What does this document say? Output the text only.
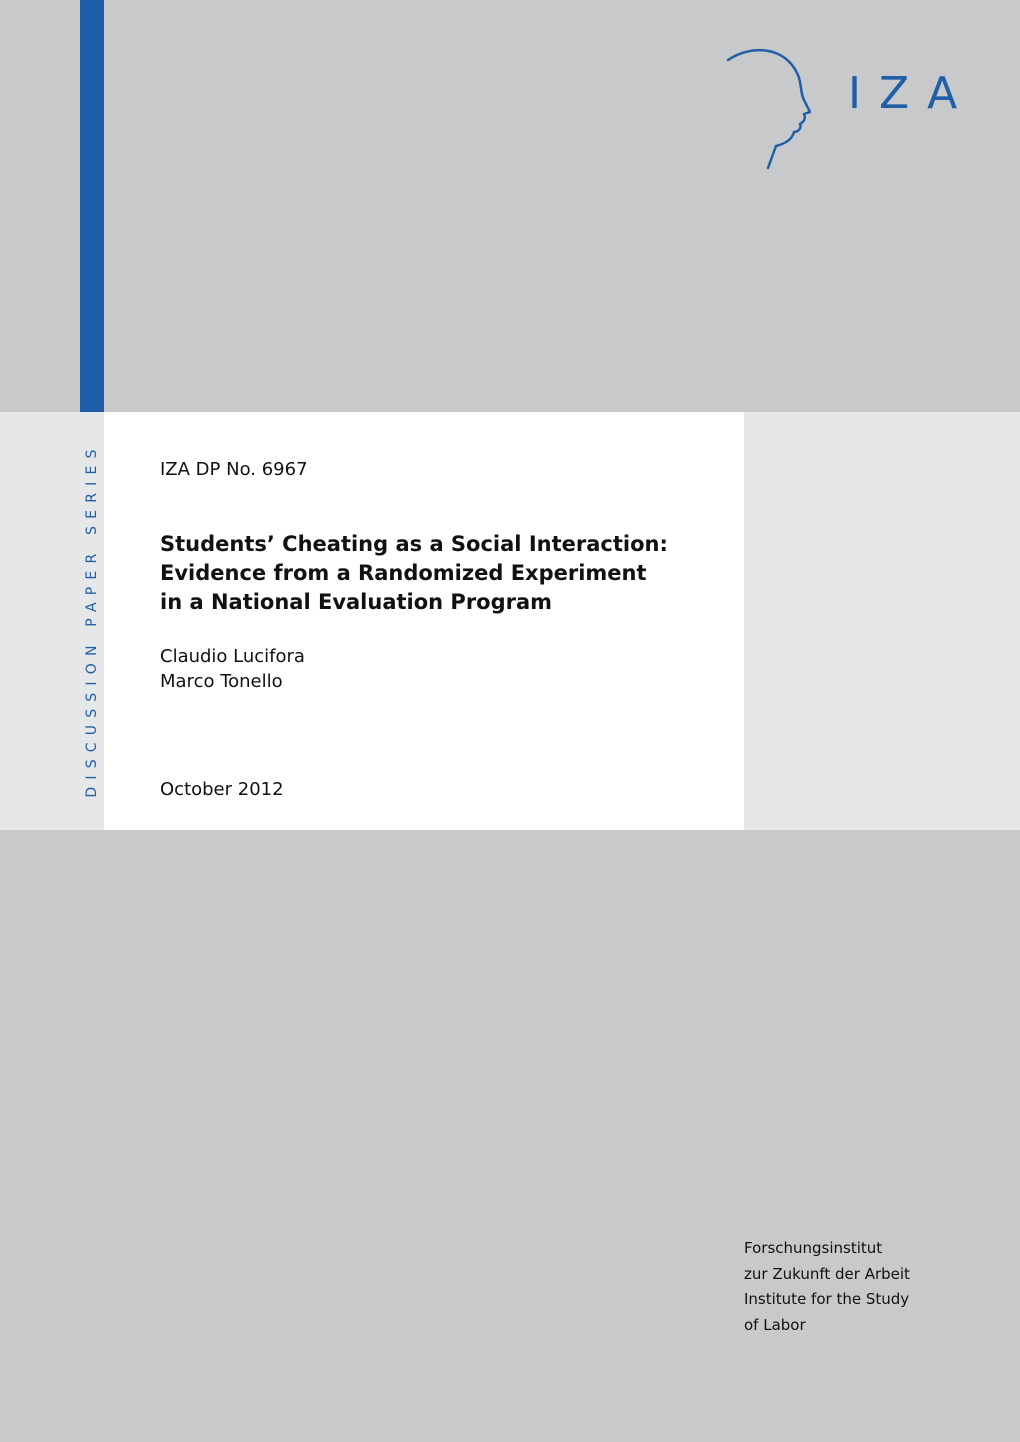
DISCUSSION PAPER SERIES
IZA
IZA DP No. 6967
Students’ Cheating as a Social Interaction:
Evidence from a Randomized Experiment
in a National Evaluation Program
Claudio Lucifora
Marco Tonello
October 2012
Forschungsinstitut
zur Zukunft der Arbeit
Institute for the Study
of Labor
